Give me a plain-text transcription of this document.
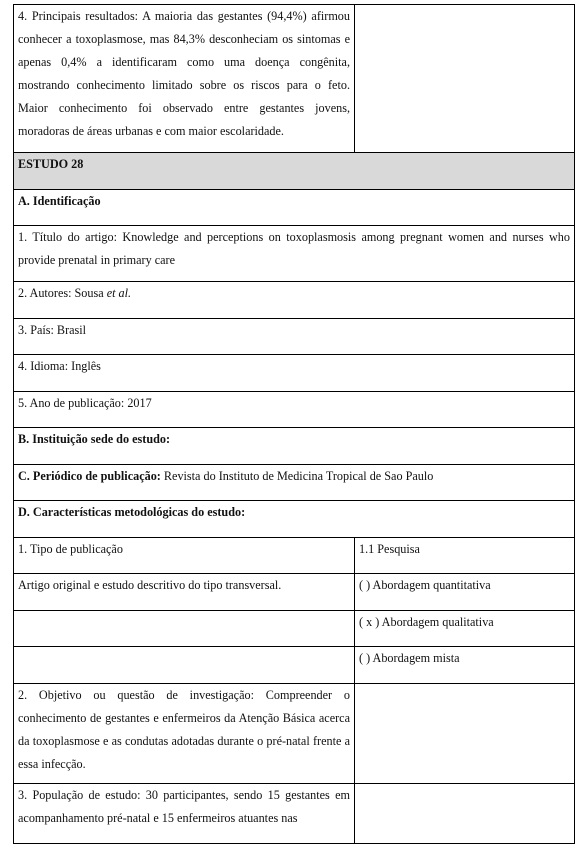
4. Principais resultados: A maioria das gestantes (94,4%) afirmou conhecer a toxoplasmose, mas 84,3% desconheciam os sintomas e apenas 0,4% a identificaram como uma doença congênita, mostrando conhecimento limitado sobre os riscos para o feto. Maior conhecimento foi observado entre gestantes jovens, moradoras de áreas urbanas e com maior escolaridade.	
ESTUDO 28	
A. Identificação	
1. Título do artigo: Knowledge and perceptions on toxoplasmosis among pregnant women and nurses who provide prenatal in primary care	
2. Autores: Sousa et al.	
3. País: Brasil	
4. Idioma: Inglês	
5. Ano de publicação: 2017	
B. Instituição sede do estudo:	
C. Periódico de publicação: Revista do Instituto de Medicina Tropical de Sao Paulo	
D. Características metodológicas do estudo:	
1. Tipo de publicação	1.1 Pesquisa
Artigo original e estudo descritivo do tipo transversal.	( ) Abordagem quantitativa
	( x ) Abordagem qualitativa
	( ) Abordagem mista
2. Objetivo ou questão de investigação: Compreender o conhecimento de gestantes e enfermeiros da Atenção Básica acerca da toxoplasmose e as condutas adotadas durante o pré-natal frente a essa infecção.	
3. População de estudo: 30 participantes, sendo 15 gestantes em acompanhamento pré-natal e 15 enfermeiros atuantes nas	
